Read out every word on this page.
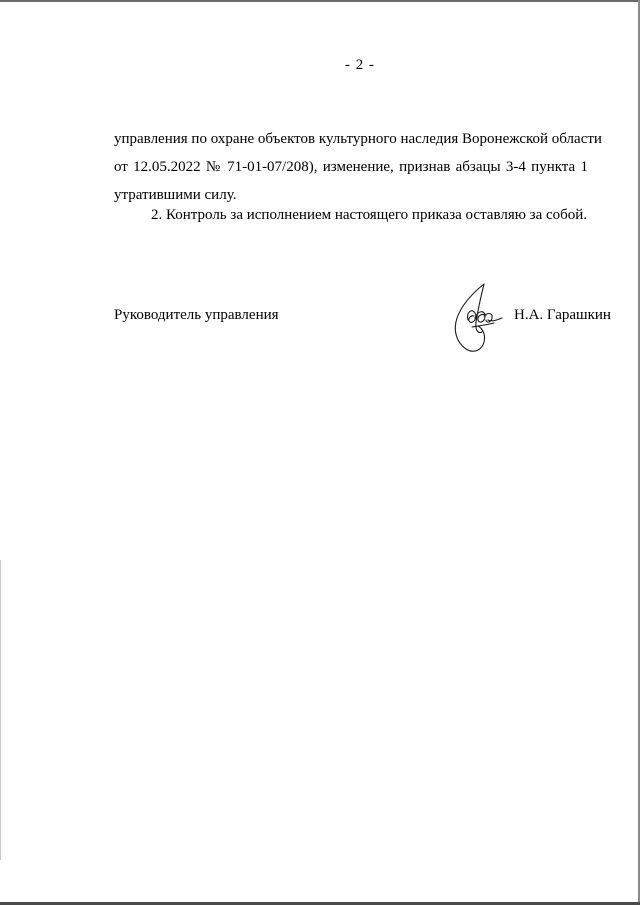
- 2 -
управления по охране объектов культурного наследия Воронежской области
от 12.05.2022 № 71-01-07/208), изменение, признав абзацы 3-4 пункта 1
утратившими силу.
2. Контроль за исполнением настоящего приказа оставляю за собой.
Руководитель управления	Н.А. Гарашкин
